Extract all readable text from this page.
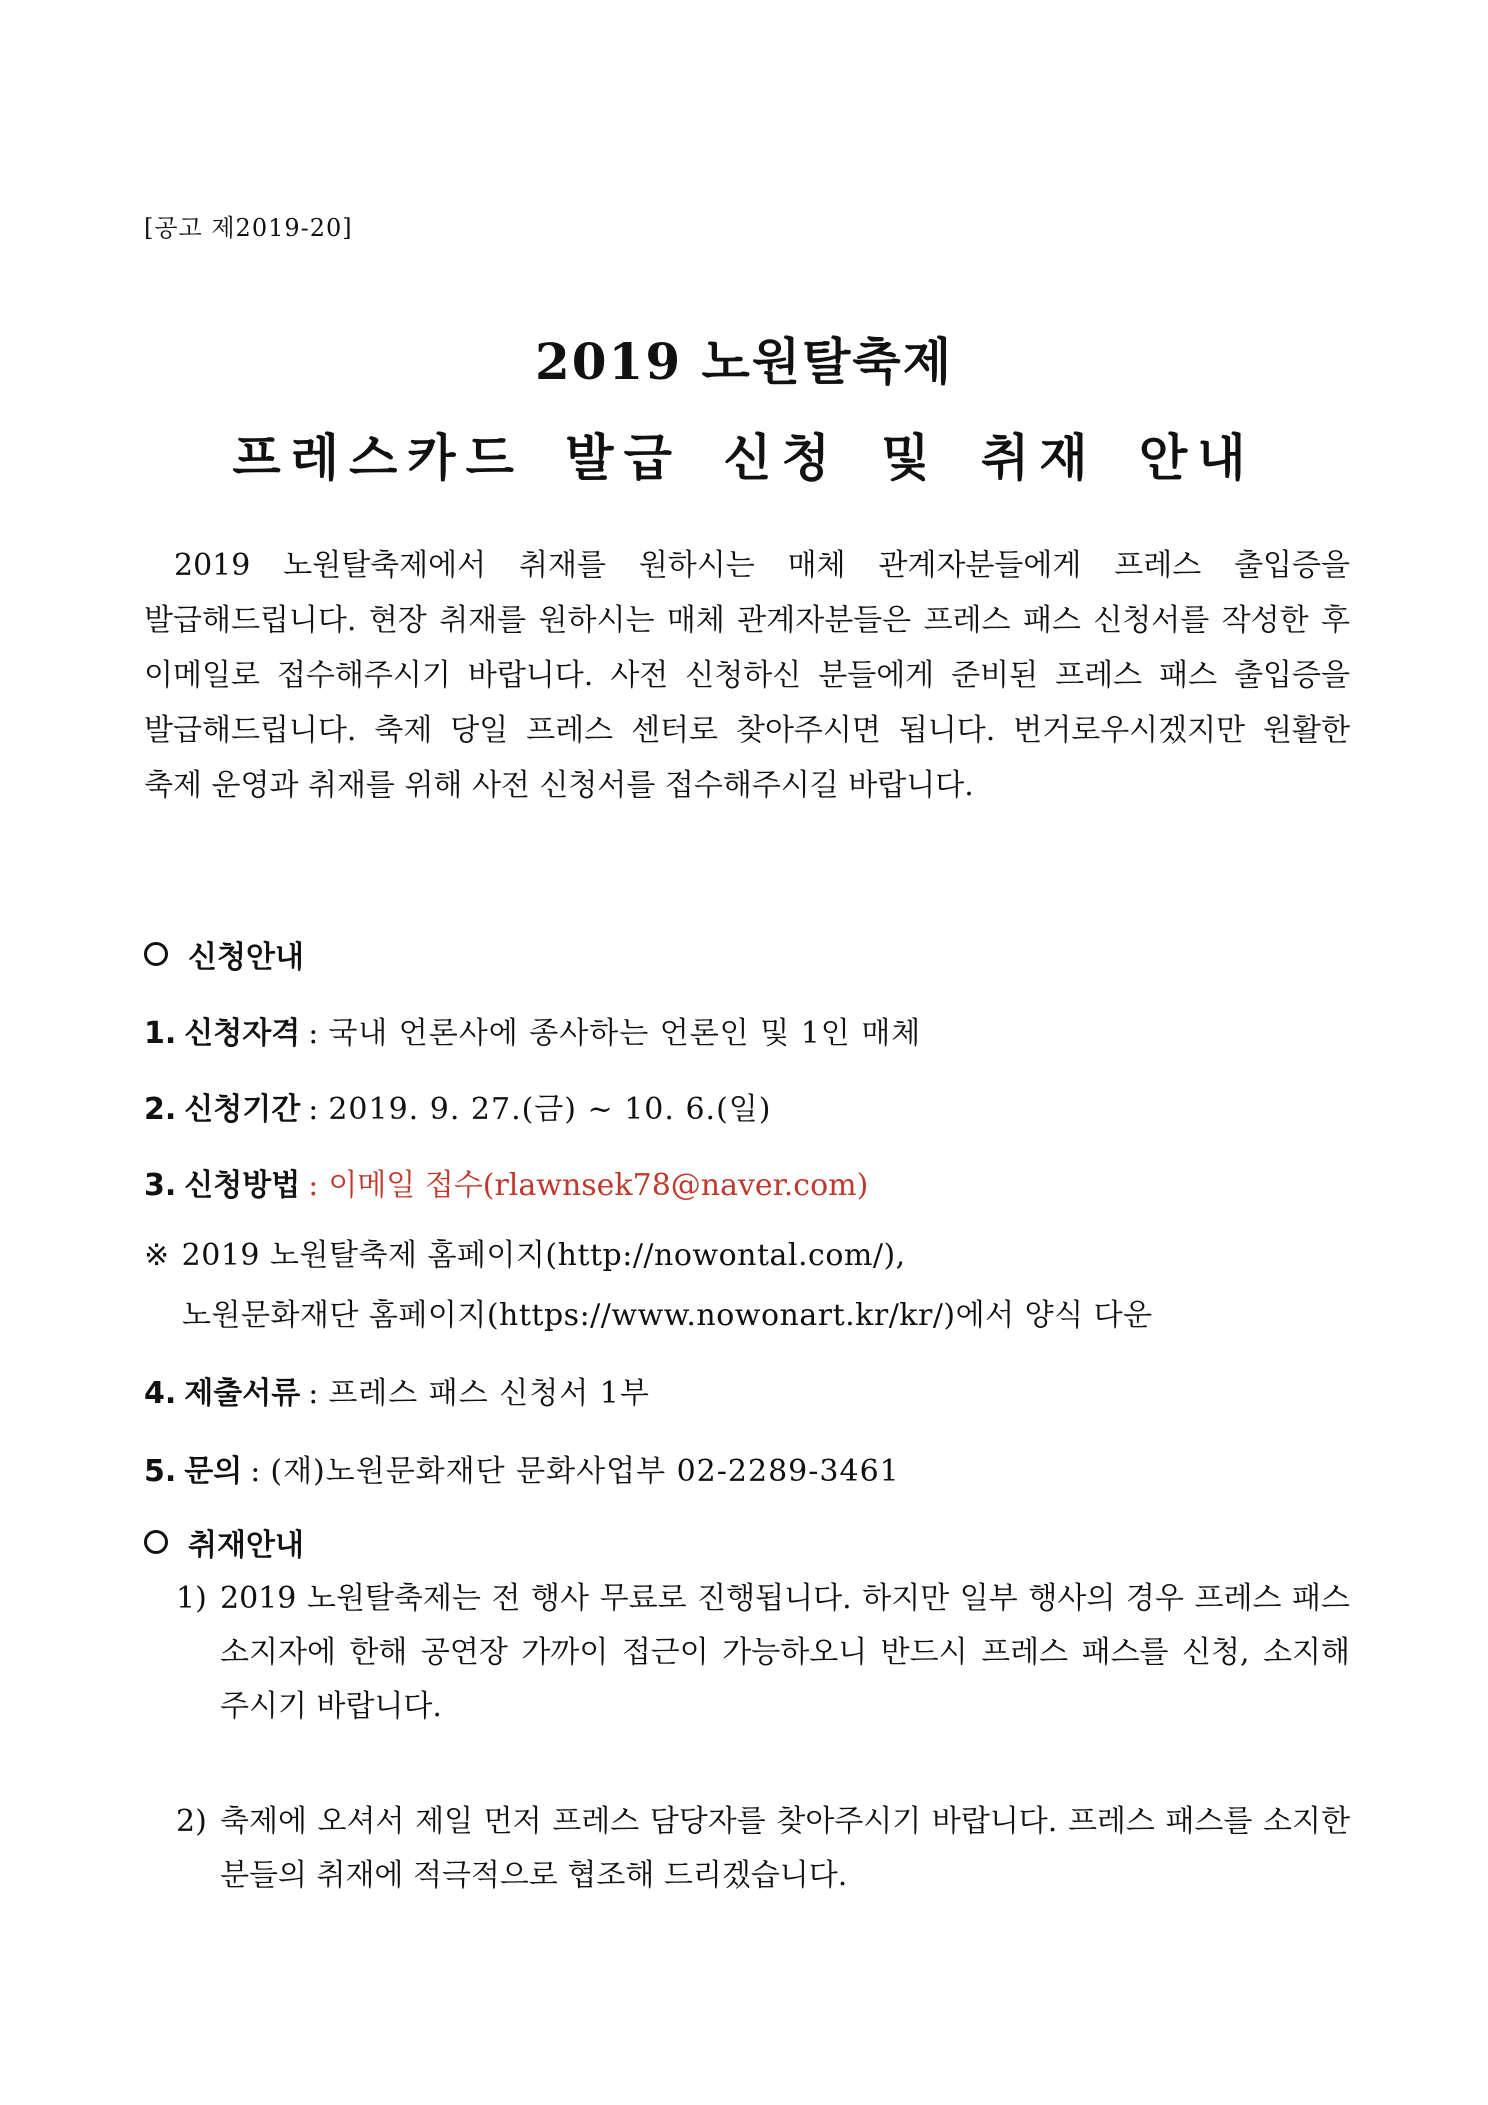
[공고 제2019-20]
2019 노원탈축제
프레스카드 발급 신청 및 취재 안내

2019 노원탈축제에서 취재를 원하시는 매체 관계자분들에게 프레스 출입증을 발급해드립니다. 현장 취재를 원하시는 매체 관계자분들은 프레스 패스 신청서를 작성한 후 이메일로 접수해주시기 바랍니다. 사전 신청하신 분들에게 준비된 프레스 패스 출입증을 발급해드립니다. 축제 당일 프레스 센터로 찾아주시면 됩니다. 번거로우시겠지만 원활한 축제 운영과 취재를 위해 사전 신청서를 접수해주시길 바랍니다.

신청안내
1. 신청자격 : 국내 언론사에 종사하는 언론인 및 1인 매체
2. 신청기간 : 2019. 9. 27.(금) ~ 10. 6.(일)
3. 신청방법 : 이메일 접수(rlawnsek78@naver.com)
※ 2019 노원탈축제 홈페이지(http://nowontal.com/),
노원문화재단 홈페이지(https://www.nowonart.kr/kr/)에서 양식 다운
4. 제출서류 : 프레스 패스 신청서 1부
5. 문의 : (재)노원문화재단 문화사업부 02-2289-3461
취재안내
1) 2019 노원탈축제는 전 행사 무료로 진행됩니다. 하지만 일부 행사의 경우 프레스 패스 소지자에 한해 공연장 가까이 접근이 가능하오니 반드시 프레스 패스를 신청, 소지해 주시기 바랍니다.
2) 축제에 오셔서 제일 먼저 프레스 담당자를 찾아주시기 바랍니다. 프레스 패스를 소지한 분들의 취재에 적극적으로 협조해 드리겠습니다.
